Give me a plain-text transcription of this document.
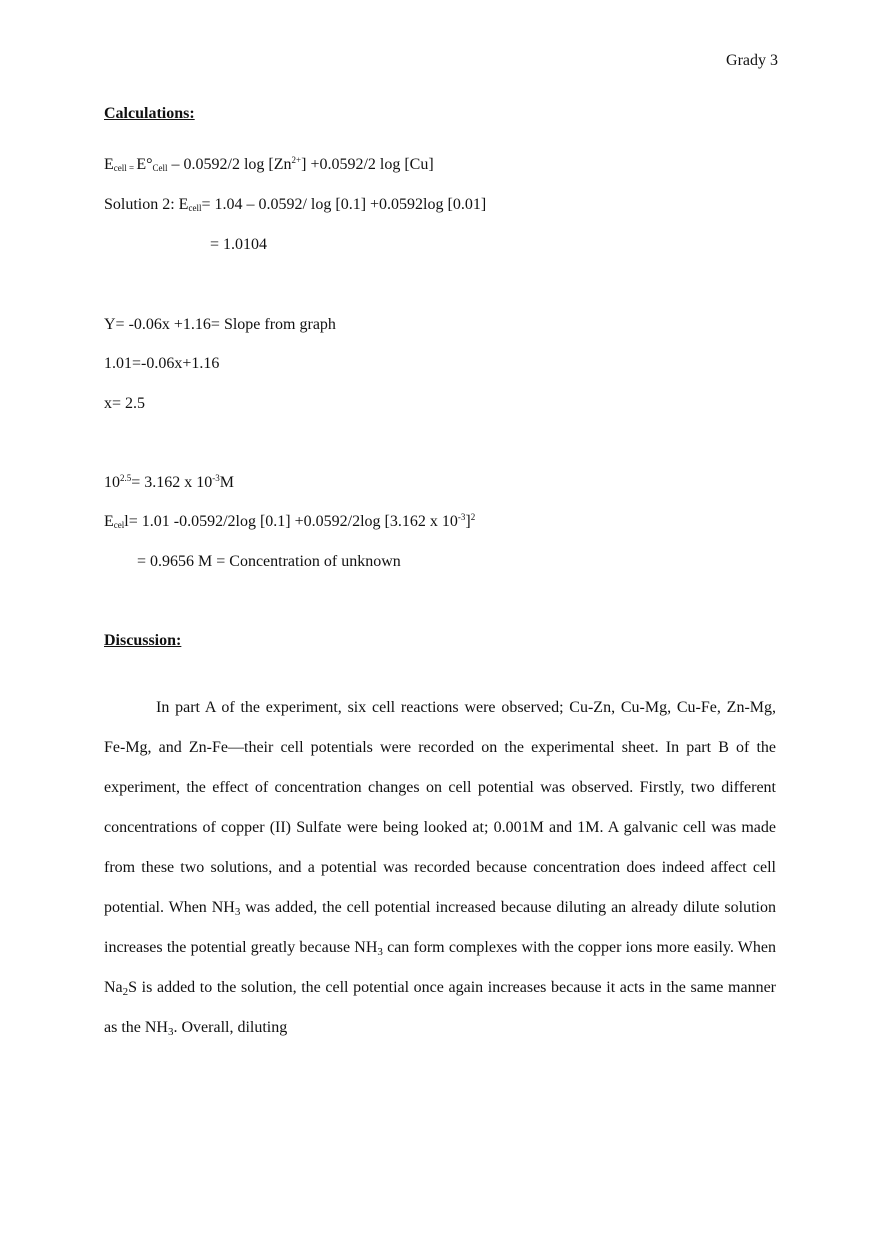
Grady 3
Calculations:
$E_{cell =}$ $E^\circ_{Cell} - 0.0592/2$ $\log [Zn^{2+}] +0.0592/2$ log [Cu]
Solution 2: $E_{cell}= 1.04 - 0.0592/$ log [0.1] +0.0592log [0.01]
= 1.0104
Y= -0.06x +1.16= Slope from graph
1.01=-0.06x+1.16
x= 2.5
$10^{2.5}= 3.162$ x $10^{-3}M$
$E_{cel}l= 1.01$ -0.0592/2log [0.1] +0.0592/2log [3.162 x $10^{-3}]^2$
= 0.9656 M = Concentration of unknown
Discussion:
In part A of the experiment, six cell reactions were observed; Cu-Zn, Cu-Mg, Cu-Fe, Zn-Mg, Fe-Mg, and Zn-Fe—their cell potentials were recorded on the experimental sheet. In part B of the experiment, the effect of concentration changes on cell potential was observed. Firstly, two different concentrations of copper (II) Sulfate were being looked at; 0.001M and 1M. A galvanic cell was made from these two solutions, and a potential was recorded because concentration does indeed affect cell potential. When $NH_3$ was added, the cell potential increased because diluting an already dilute solution increases the potential greatly because $NH_3$ can form complexes with the copper ions more easily. When $Na_2S$ is added to the solution, the cell potential once again increases because it acts in the same manner as the $NH_3$. Overall, diluting
